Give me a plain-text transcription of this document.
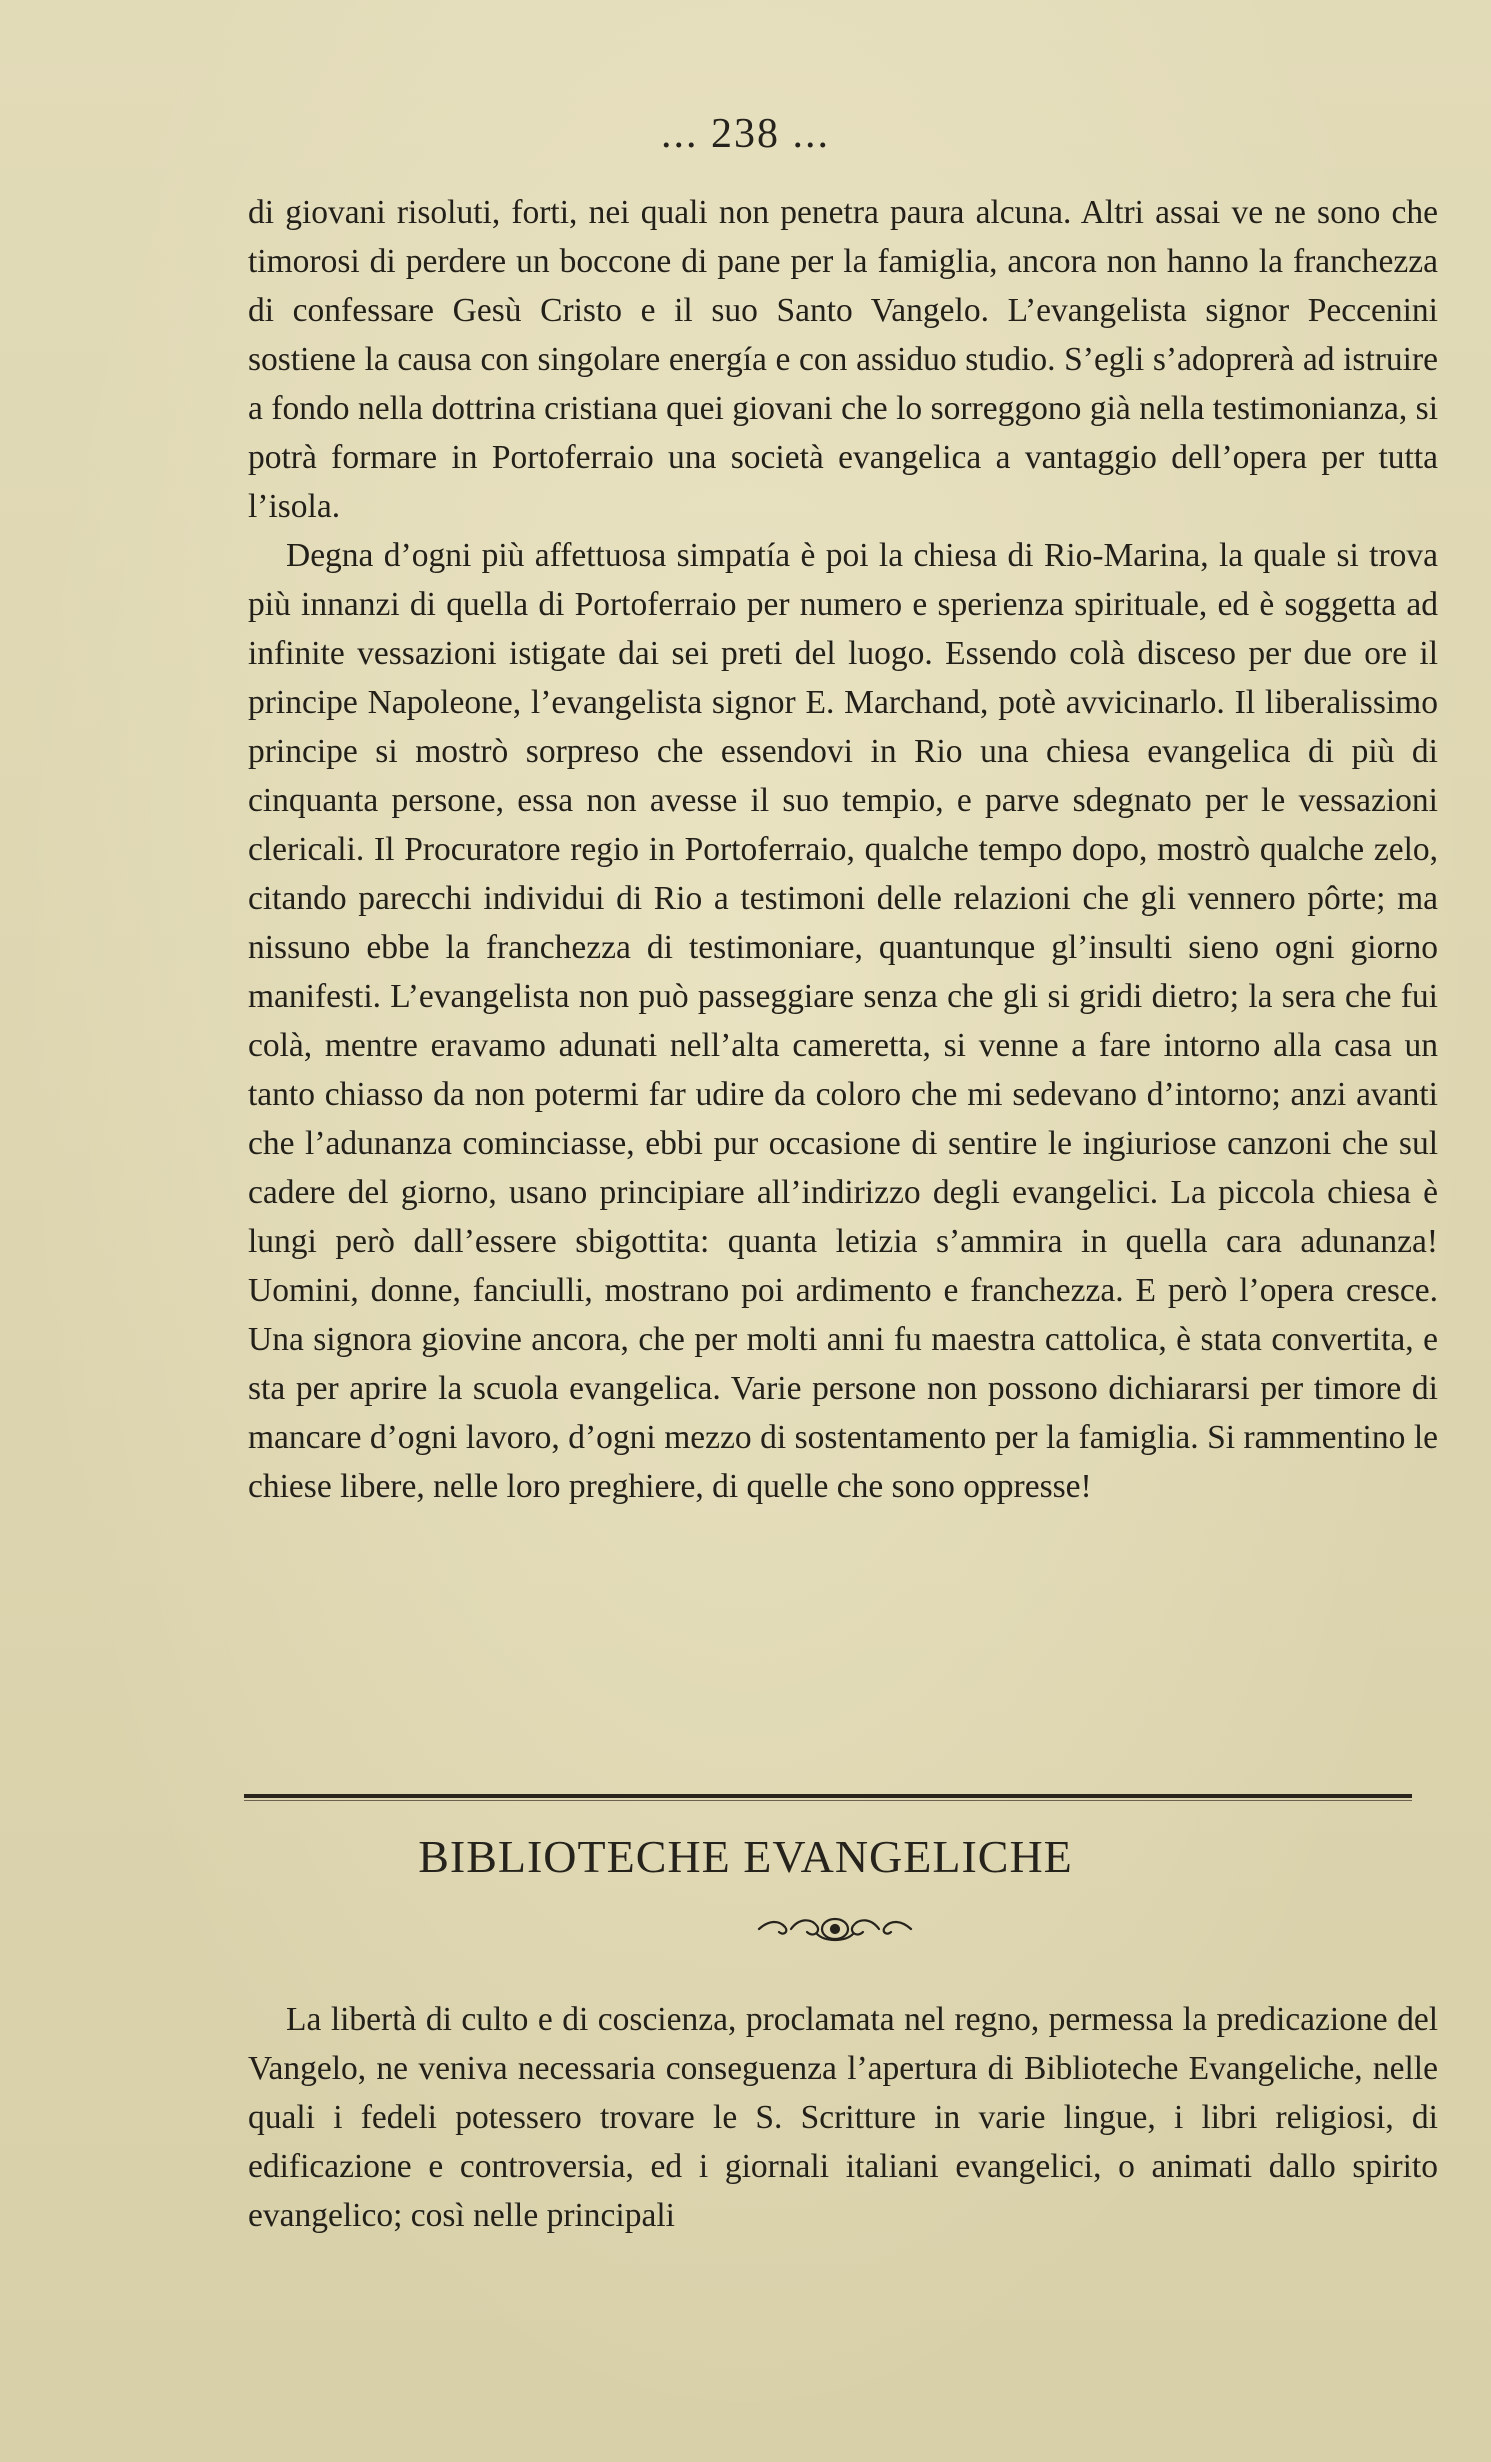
... 238 ...

di giovani risoluti, forti, nei quali non penetra paura alcuna. Altri assai ve ne sono che timorosi di perdere un boccone di pane per la famiglia, ancora non hanno la franchezza di confessare Gesù Cristo e il suo Santo Vangelo. L’evangelista signor Peccenini sostiene la causa con singolare energía e con assiduo studio. S’egli s’adoprerà ad istruire a fondo nella dottrina cristiana quei giovani che lo sorreggono già nella testimonianza, si potrà formare in Portoferraio una società evangelica a vantaggio dell’opera per tutta l’isola.

Degna d’ogni più affettuosa simpatía è poi la chiesa di Rio-Marina, la quale si trova più innanzi di quella di Portoferraio per numero e sperienza spirituale, ed è soggetta ad infinite vessazioni istigate dai sei preti del luogo. Essendo colà disceso per due ore il principe Napoleone, l’evangelista signor E. Marchand, potè avvicinarlo. Il liberalissimo principe si mostrò sorpreso che essendovi in Rio una chiesa evangelica di più di cinquanta persone, essa non avesse il suo tempio, e parve sdegnato per le vessazioni clericali. Il Procuratore regio in Portoferraio, qualche tempo dopo, mostrò qualche zelo, citando parecchi individui di Rio a testimoni delle relazioni che gli vennero pôrte; ma nissuno ebbe la franchezza di testimoniare, quantunque gl’insulti sieno ogni giorno manifesti. L’evangelista non può passeggiare senza che gli si gridi dietro; la sera che fui colà, mentre eravamo adunati nell’alta cameretta, si venne a fare intorno alla casa un tanto chiasso da non potermi far udire da coloro che mi sedevano d’intorno; anzi avanti che l’adunanza cominciasse, ebbi pur occasione di sentire le ingiuriose canzoni che sul cadere del giorno, usano principiare all’indirizzo degli evangelici. La piccola chiesa è lungi però dall’essere sbigottita: quanta letizia s’ammira in quella cara adunanza! Uomini, donne, fanciulli, mostrano poi ardimento e franchezza. E però l’opera cresce. Una signora giovine ancora, che per molti anni fu maestra cattolica, è stata convertita, e sta per aprire la scuola evangelica. Varie persone non possono dichiararsi per timore di mancare d’ogni lavoro, d’ogni mezzo di sostentamento per la famiglia. Si rammentino le chiese libere, nelle loro preghiere, di quelle che sono oppresse!

BIBLIOTECHE EVANGELICHE

La libertà di culto e di coscienza, proclamata nel regno, permessa la predicazione del Vangelo, ne veniva necessaria conseguenza l’apertura di Biblioteche Evangeliche, nelle quali i fedeli potessero trovare le S. Scritture in varie lingue, i libri religiosi, di edificazione e controversia, ed i giornali italiani evangelici, o animati dallo spirito evangelico; così nelle principali
